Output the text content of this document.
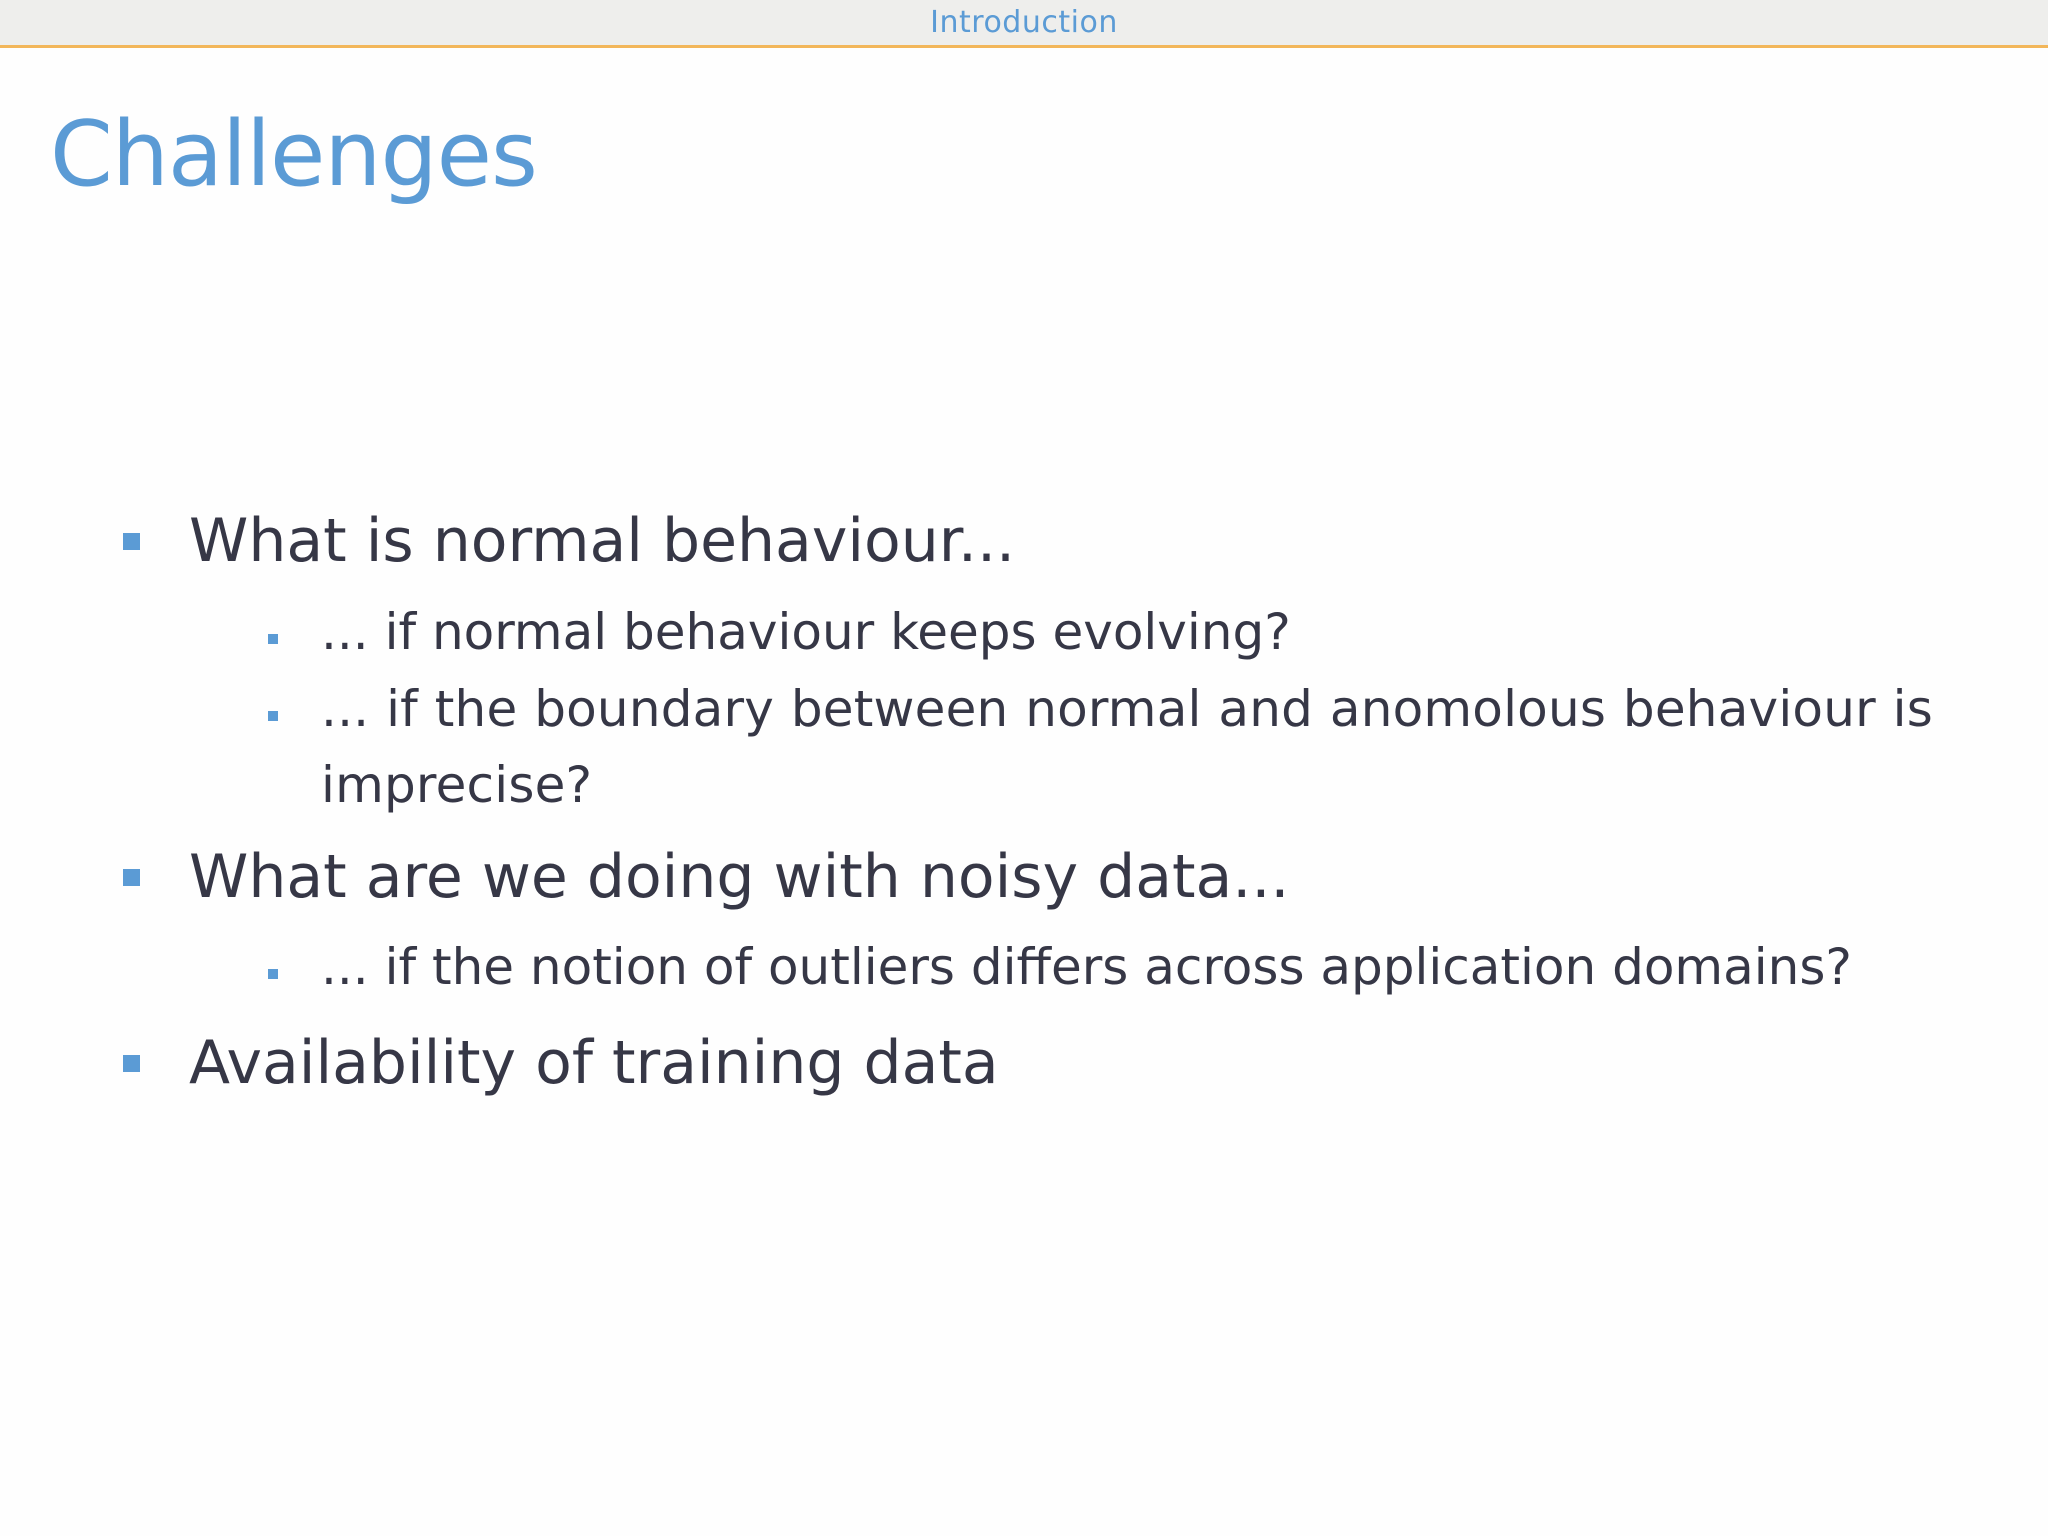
Introduction
Challenges
What is normal behaviour...
... if normal behaviour keeps evolving?
... if the boundary between normal and anomolous behaviour is imprecise?
What are we doing with noisy data...
... if the notion of outliers differs across application domains?
Availability of training data
